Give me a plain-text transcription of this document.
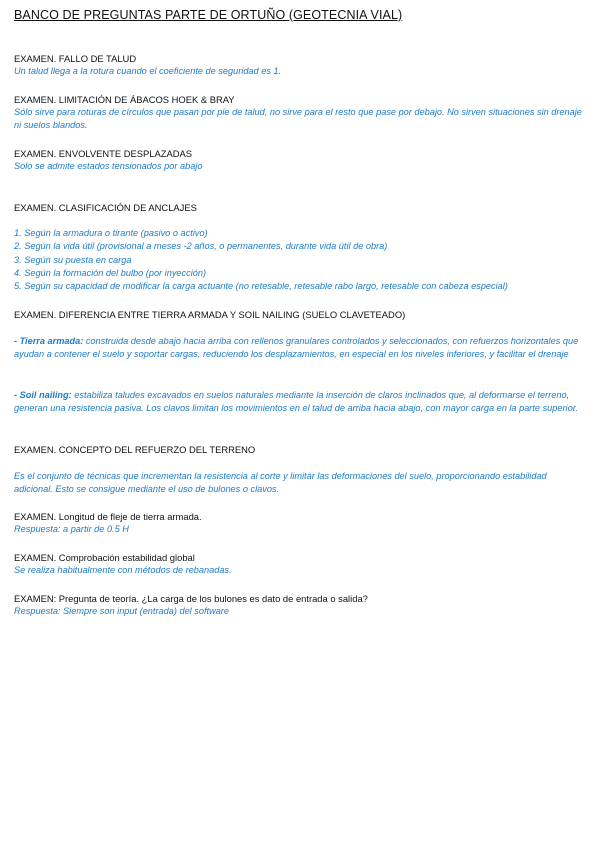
BANCO DE PREGUNTAS PARTE DE ORTUÑO (GEOTECNIA VIAL)
EXAMEN. FALLO DE TALUD
Un talud llega a la rotura cuando el coeficiente de seguridad es 1.
EXAMEN. LIMITACIÓN DE ÁBACOS HOEK & BRAY
Sólo sirve para roturas de círculos que pasan por pie de talud, no sirve para el resto que pase por debajo. No sirven situaciones sin drenaje ni suelos blandos.
EXAMEN. ENVOLVENTE DESPLAZADAS
Solo se admite estados tensionados por abajo
EXAMEN. CLASIFICACIÓN DE ANCLAJES
1. Según la armadura o tirante (pasivo o activo)
2. Según la vida útil (provisional a meses -2 años, o permanentes, durante vida útil de obra)
3. Según su puesta en carga
4. Según la formación del bulbo (por inyección)
5. Según su capacidad de modificar la carga actuante (no retesable, retesable rabo largo, retesable con cabeza especial)
EXAMEN. DIFERENCIA ENTRE TIERRA ARMADA Y SOIL NAILING (SUELO CLAVETEADO)
- Tierra armada: construida desde abajo hacia arriba con rellenos granulares controlados y seleccionados, con refuerzos horizontales que ayudan a contener el suelo y soportar cargas, reduciendo los desplazamientos, en especial en los niveles inferiores, y facilitar el drenaje
- Soil nailing: estabiliza taludes excavados en suelos naturales mediante la inserción de claros inclinados que, al deformarse el terreno, generan una resistencia pasiva. Los clavos limitan los movimientos en el talud de arriba hacia abajo, con mayor carga en la parte superior.
EXAMEN. CONCEPTO DEL REFUERZO DEL TERRENO
Es el conjunto de técnicas que incrementan la resistencia al corte y limitar las deformaciones del suelo, proporcionando estabilidad adicional. Esto se consigue mediante el uso de bulones o clavos.
EXAMEN. Longitud de fleje de tierra armada.
Respuesta: a partir de 0.5 H
EXAMEN. Comprobación estabilidad global
Se realiza habitualmente con métodos de rebanadas.
EXAMEN: Pregunta de teoría. ¿La carga de los bulones es dato de entrada o salida?
Respuesta: Siempre son input (entrada) del software
